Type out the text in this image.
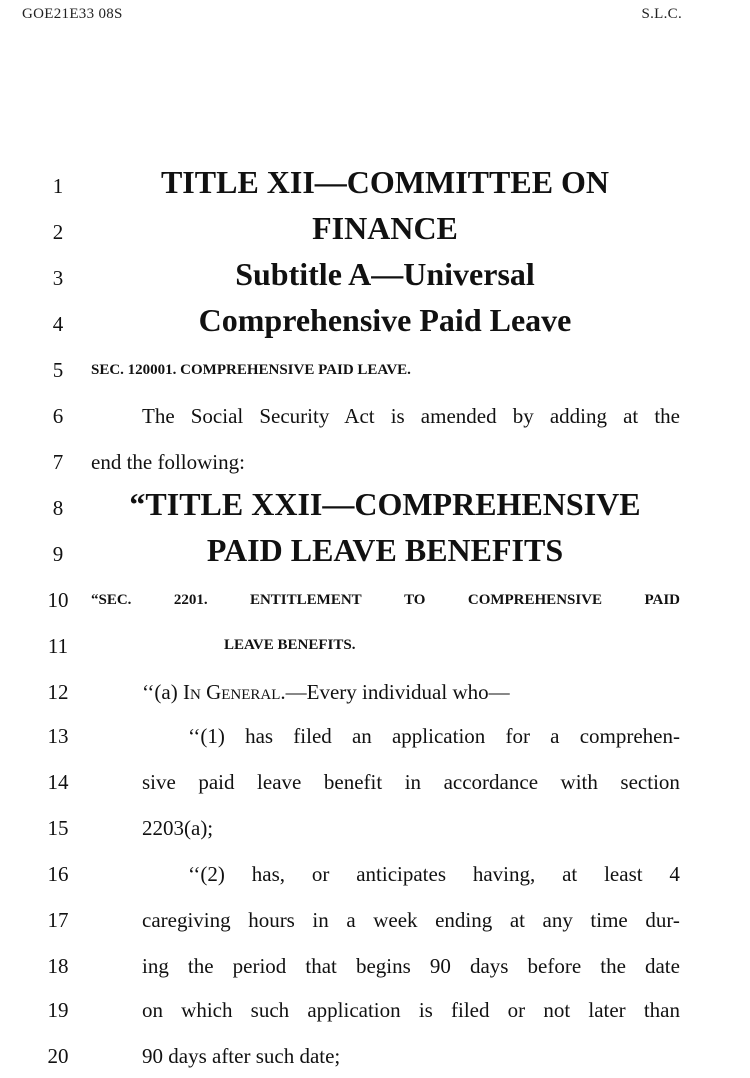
GOE21E33 08S	S.L.C.
1
2
3
4
5
6
7
8
9
10
11
12
13
14
15
16
17
18
19
20
TITLE XII—COMMITTEE ON
FINANCE
Subtitle A—Universal
Comprehensive Paid Leave
SEC. 120001. COMPREHENSIVE PAID LEAVE.
The Social Security Act is amended by adding at the
end the following:
“TITLE XXII—COMPREHENSIVE
PAID LEAVE BENEFITS
“SEC.	2201.	ENTITLEMENT	TO	COMPREHENSIVE	PAID
LEAVE BENEFITS.
‘‘(a) In General.—Every individual who—
‘‘(1) has filed an application for a comprehen-
sive paid leave benefit in accordance with section
2203(a);
‘‘(2) has, or anticipates having, at least 4
caregiving hours in a week ending at any time dur-
ing the period that begins 90 days before the date
on which such application is filed or not later than
90 days after such date;
